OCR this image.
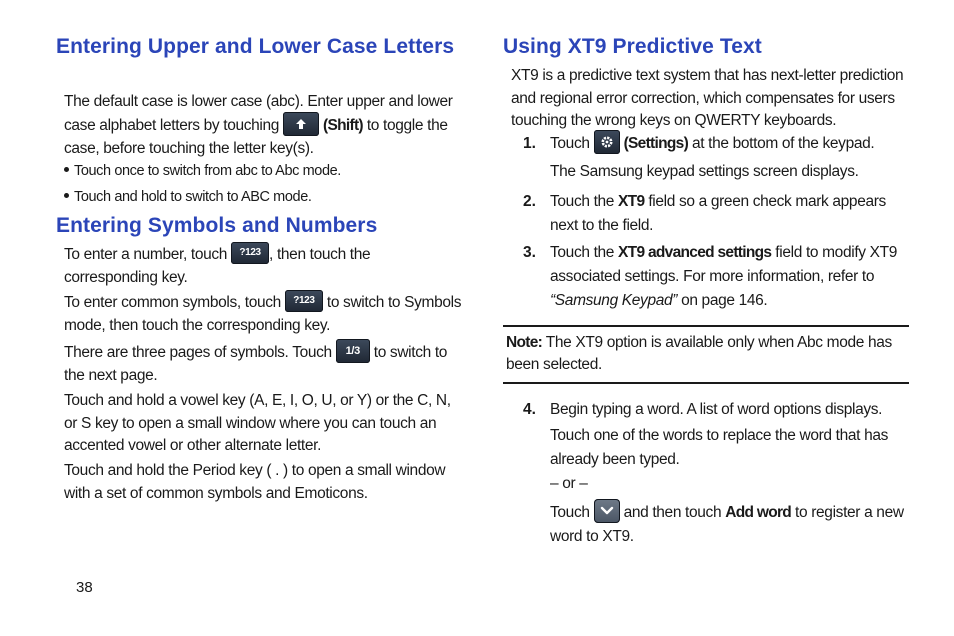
Entering Upper and Lower Case Letters
The default case is lower case (abc). Enter upper and lower case alphabet letters by touching	(Shift) to toggle the case, before touching the letter key(s).
Touch once to switch from abc to Abc mode.
Touch and hold to switch to ABC mode.
Entering Symbols and Numbers
To enter a number, touch ?123 , then touch the corresponding key.
To enter common symbols, touch ?123 to switch to Symbols mode, then touch the corresponding key.
There are three pages of symbols. Touch 1/3 to switch to the next page.
Touch and hold a vowel key (A, E, I, O, U, or Y) or the C, N, or S key to open a small window where you can touch an accented vowel or other alternate letter.
Touch and hold the Period key ( . ) to open a small window with a set of common symbols and Emoticons.
Using XT9 Predictive Text
XT9 is a predictive text system that has next-letter prediction and regional error correction, which compensates for users touching the wrong keys on QWERTY keyboards.
1. Touch (Settings) at the bottom of the keypad.
The Samsung keypad settings screen displays.
2. Touch the XT9 field so a green check mark appears next to the field.
3. Touch the XT9 advanced settings field to modify XT9 associated settings. For more information, refer to
“Samsung Keypad” on page 146.
Note: The XT9 option is available only when Abc mode has been selected.
4. Begin typing a word. A list of word options displays.
Touch one of the words to replace the word that has already been typed.
– or –
Touch and then touch Add word to register a new word to XT9.
38
